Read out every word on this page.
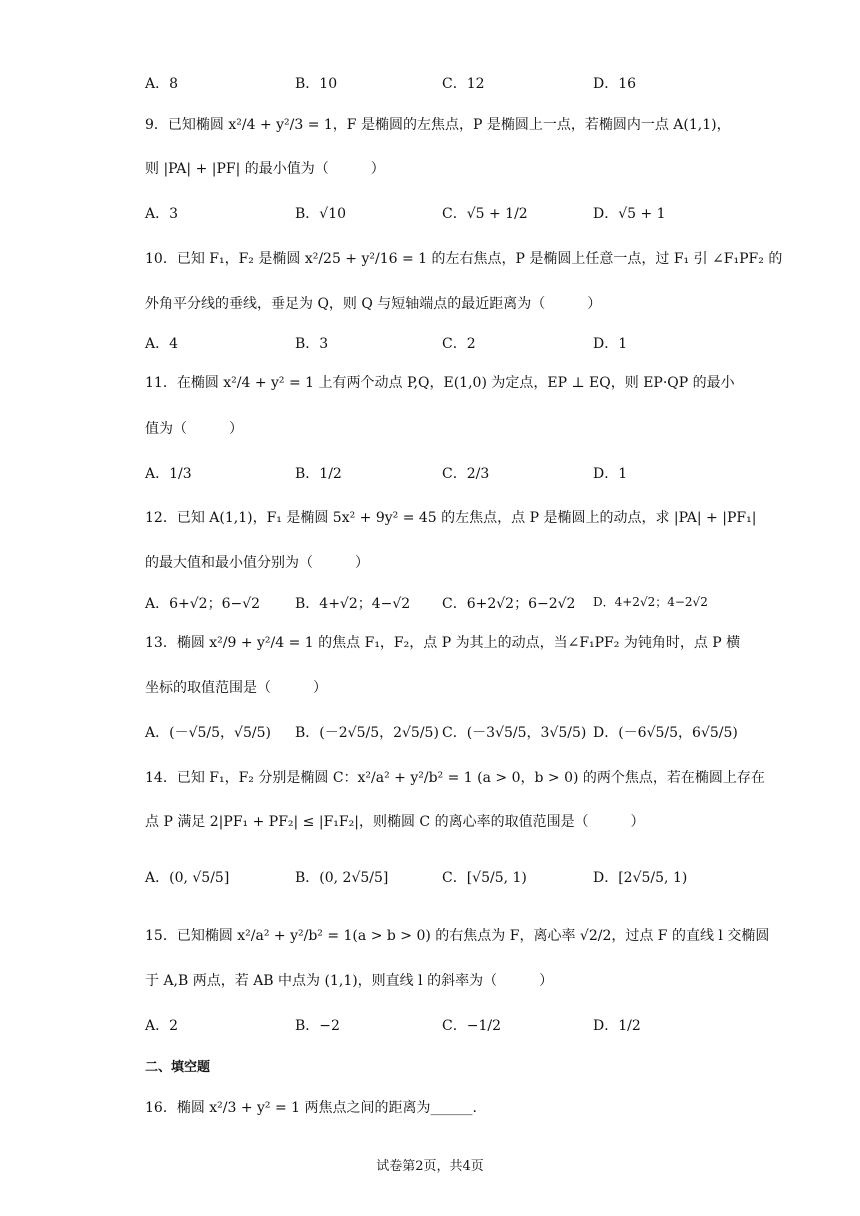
A．8	B．10	C．12	D．16
9．已知椭圆 x²/4 + y²/3 = 1，F 是椭圆的左焦点，P 是椭圆上一点，若椭圆内一点 A(1,1)，
则 |PA| + |PF| 的最小值为（　　　）
A．3	B．√10	C．√5 + 1/2	D．√5 + 1
10．已知 F₁，F₂ 是椭圆 x²/25 + y²/16 = 1 的左右焦点，P 是椭圆上任意一点，过 F₁ 引 ∠F₁PF₂ 的
外角平分线的垂线，垂足为 Q，则 Q 与短轴端点的最近距离为（　　　）
A．4	B．3	C．2	D．1
11．在椭圆 x²/4 + y² = 1 上有两个动点 P,Q，E(1,0) 为定点，EP ⊥ EQ，则 EP·QP 的最小
值为（　　　）
A．1/3	B．1/2	C．2/3	D．1
12．已知 A(1,1)，F₁ 是椭圆 5x² + 9y² = 45 的左焦点，点 P 是椭圆上的动点，求 |PA| + |PF₁|
的最大值和最小值分别为（　　　）
A．6+√2；6−√2 B．4+√2；4−√2 C．6+2√2；6−2√2 D．4+2√2；4−2√2
13．椭圆 x²/9 + y²/4 = 1 的焦点 F₁，F₂，点 P 为其上的动点，当∠F₁PF₂ 为钝角时，点 P 横
坐标的取值范围是（　　　）
A．(－√5/5，√5/5) B．(－2√5/5，2√5/5) C．(－3√5/5，3√5/5) D．(－6√5/5，6√5/5)
14．已知 F₁，F₂ 分别是椭圆 C：x²/a² + y²/b² = 1 (a > 0，b > 0) 的两个焦点，若在椭圆上存在
点 P 满足 2|PF₁ + PF₂| ≤ |F₁F₂|，则椭圆 C 的离心率的取值范围是（　　　）
A．(0, √5/5]	B．(0, 2√5/5]	C．[√5/5, 1)	D．[2√5/5, 1)
15．已知椭圆 x²/a² + y²/b² = 1(a > b > 0) 的右焦点为 F，离心率 √2/2，过点 F 的直线 l 交椭圆
于 A,B 两点，若 AB 中点为 (1,1)，则直线 l 的斜率为（　　　）
A．2	B．−2	C．−1/2	D．1/2
二、填空题
16．椭圆 x²/3 + y² = 1 两焦点之间的距离为______.
试卷第2页，共4页
